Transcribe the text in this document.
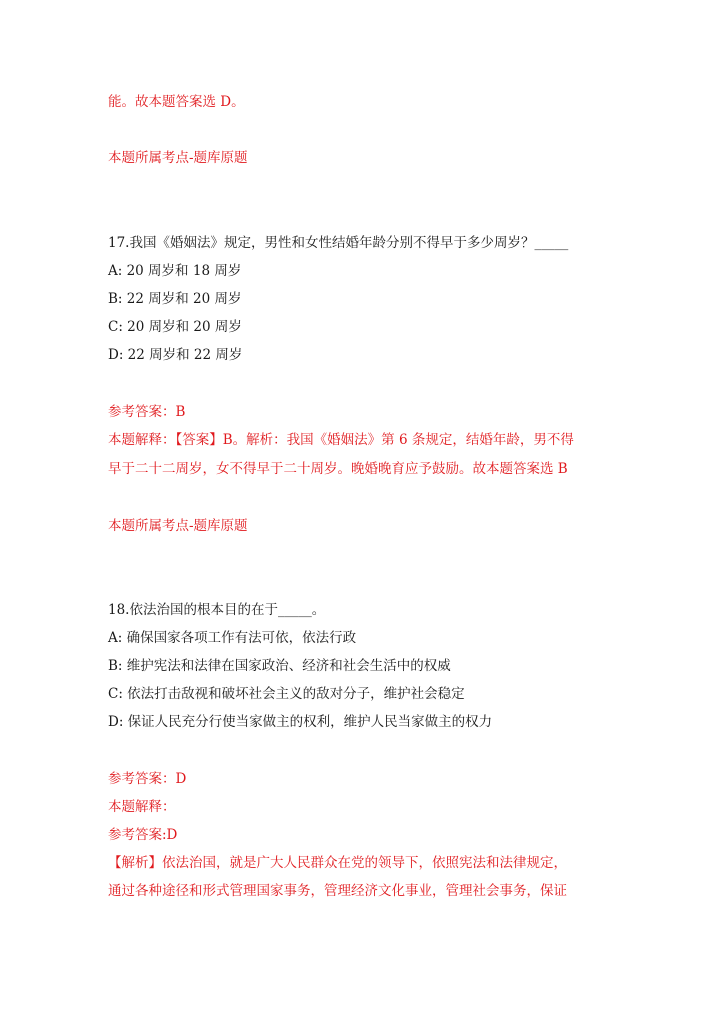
能。故本题答案选 D。
本题所属考点-题库原题
17.我国《婚姻法》规定，男性和女性结婚年龄分别不得早于多少周岁？_____
A: 20 周岁和 18 周岁
B: 22 周岁和 20 周岁
C: 20 周岁和 20 周岁
D: 22 周岁和 22 周岁
参考答案：B
本题解释：【答案】B。解析：我国《婚姻法》第 6 条规定，结婚年龄，男不得
早于二十二周岁，女不得早于二十周岁。晚婚晚育应予鼓励。故本题答案选 B
本题所属考点-题库原题
18.依法治国的根本目的在于_____。
A: 确保国家各项工作有法可依，依法行政
B: 维护宪法和法律在国家政治、经济和社会生活中的权威
C: 依法打击敌视和破坏社会主义的敌对分子，维护社会稳定
D: 保证人民充分行使当家做主的权利，维护人民当家做主的权力
参考答案：D
本题解释：
参考答案:D
【解析】依法治国，就是广大人民群众在党的领导下，依照宪法和法律规定，
通过各种途径和形式管理国家事务，管理经济文化事业，管理社会事务，保证
